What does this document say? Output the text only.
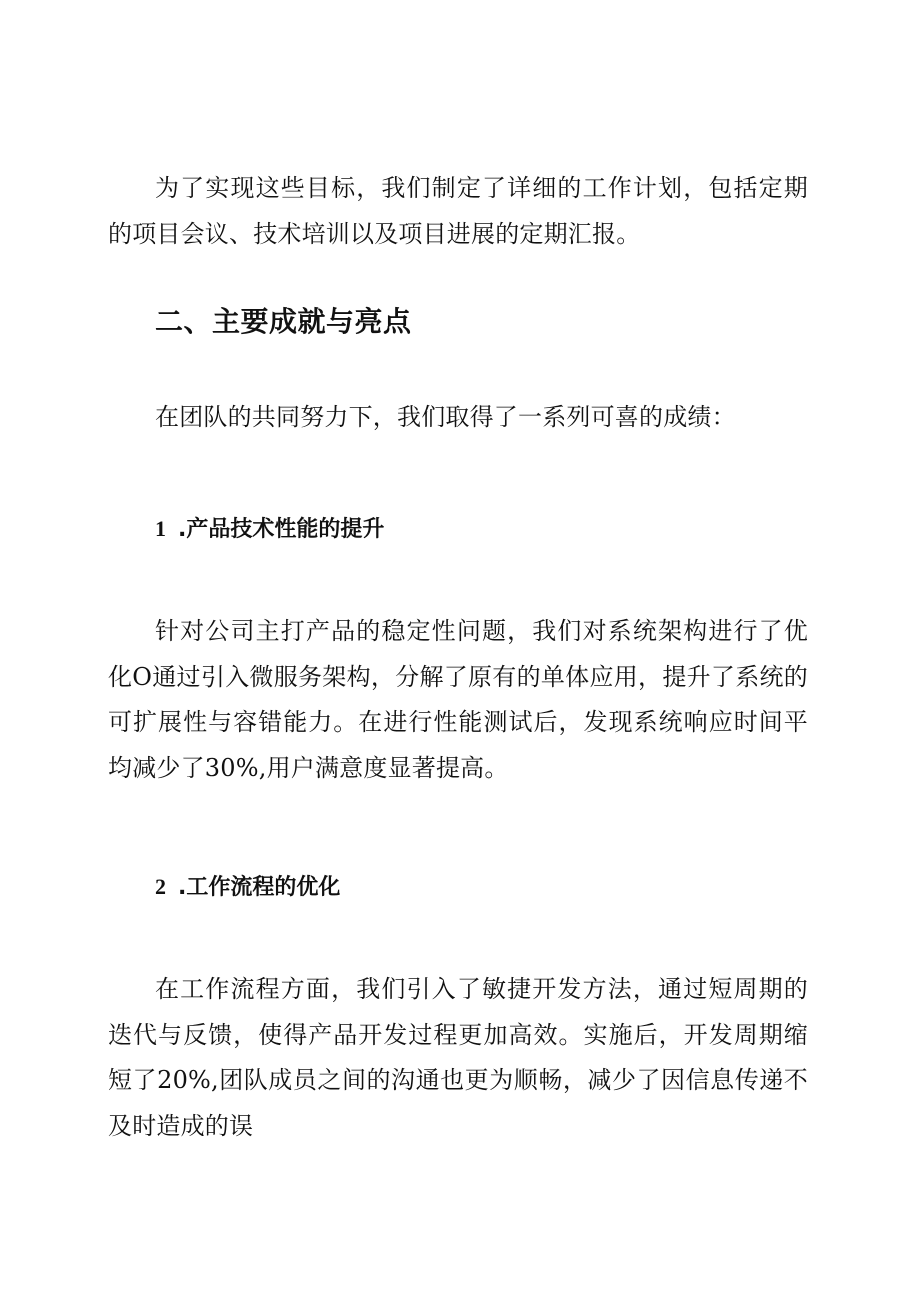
为了实现这些目标，我们制定了详细的工作计划，包括定期的项目会议、技术培训以及项目进展的定期汇报。

二、主要成就与亮点

在团队的共同努力下，我们取得了一系列可喜的成绩：

1 .产品技术性能的提升

针对公司主打产品的稳定性问题，我们对系统架构进行了优化O通过引入微服务架构，分解了原有的单体应用，提升了系统的可扩展性与容错能力。在进行性能测试后，发现系统响应时间平均减少了30%,用户满意度显著提高。

2 .工作流程的优化

在工作流程方面，我们引入了敏捷开发方法，通过短周期的迭代与反馈，使得产品开发过程更加高效。实施后，开发周期缩短了20%,团队成员之间的沟通也更为顺畅，减少了因信息传递不及时造成的误
